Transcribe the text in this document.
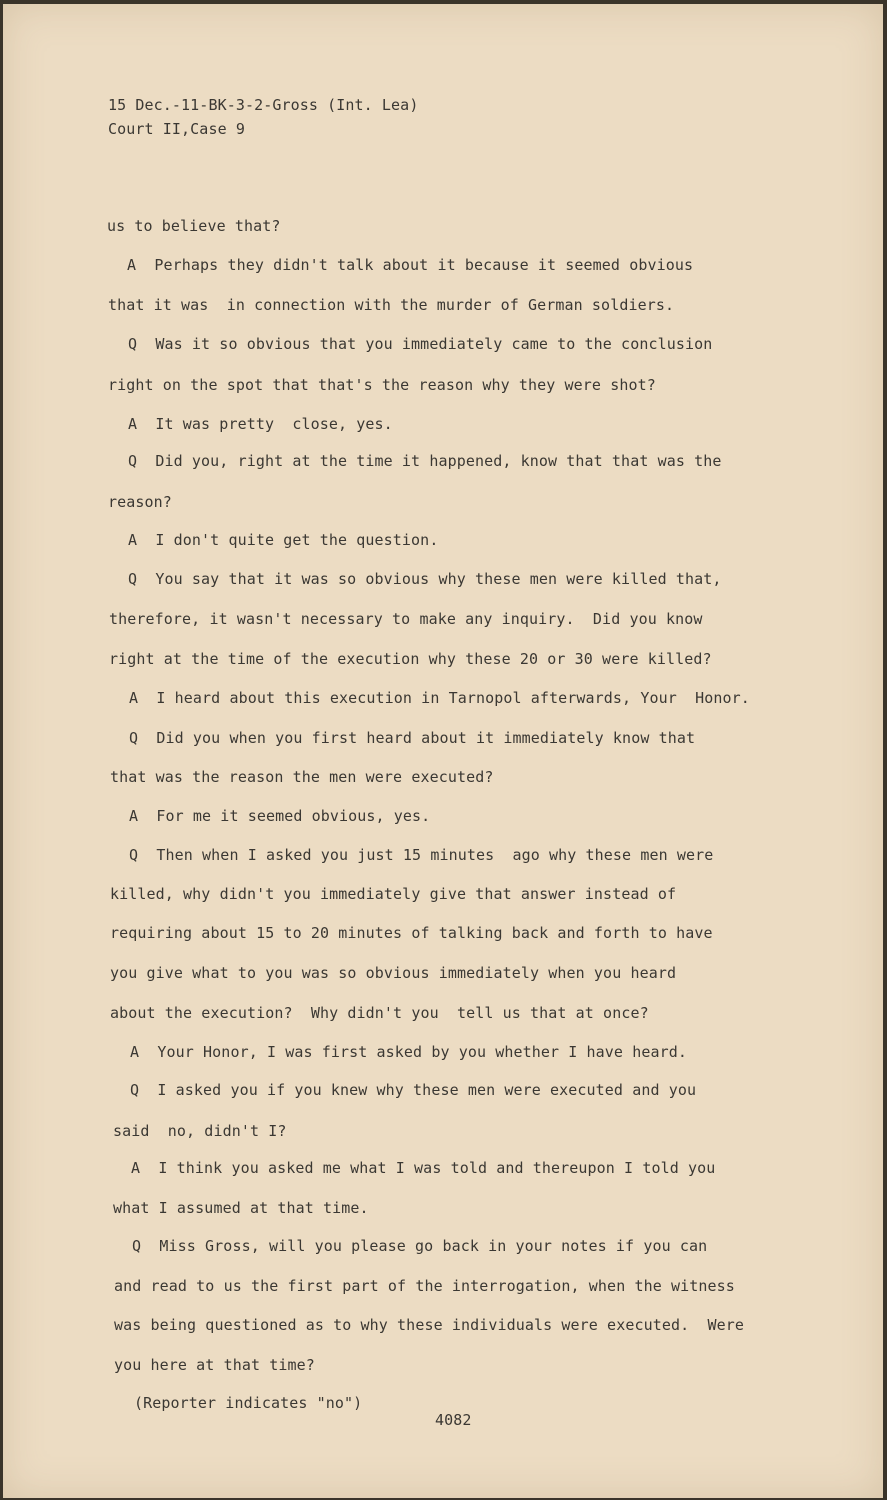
15 Dec.-11-BK-3-2-Gross (Int. Lea)
Court II,Case 9
us to believe that?
A  Perhaps they didn't talk about it because it seemed obvious
that it was  in connection with the murder of German soldiers.
Q  Was it so obvious that you immediately came to the conclusion
right on the spot that that's the reason why they were shot?
A  It was pretty  close, yes.
Q  Did you, right at the time it happened, know that that was the
reason?
A  I don't quite get the question.
Q  You say that it was so obvious why these men were killed that,
therefore, it wasn't necessary to make any inquiry.  Did you know
right at the time of the execution why these 20 or 30 were killed?
A  I heard about this execution in Tarnopol afterwards, Your  Honor.
Q  Did you when you first heard about it immediately know that
that was the reason the men were executed?
A  For me it seemed obvious, yes.
Q  Then when I asked you just 15 minutes  ago why these men were
killed, why didn't you immediately give that answer instead of
requiring about 15 to 20 minutes of talking back and forth to have
you give what to you was so obvious immediately when you heard
about the execution?  Why didn't you  tell us that at once?
A  Your Honor, I was first asked by you whether I have heard.
Q  I asked you if you knew why these men were executed and you
said  no, didn't I?
A  I think you asked me what I was told and thereupon I told you
what I assumed at that time.
Q  Miss Gross, will you please go back in your notes if you can
and read to us the first part of the interrogation, when the witness
was being questioned as to why these individuals were executed.  Were
you here at that time?
(Reporter indicates "no")
4082
